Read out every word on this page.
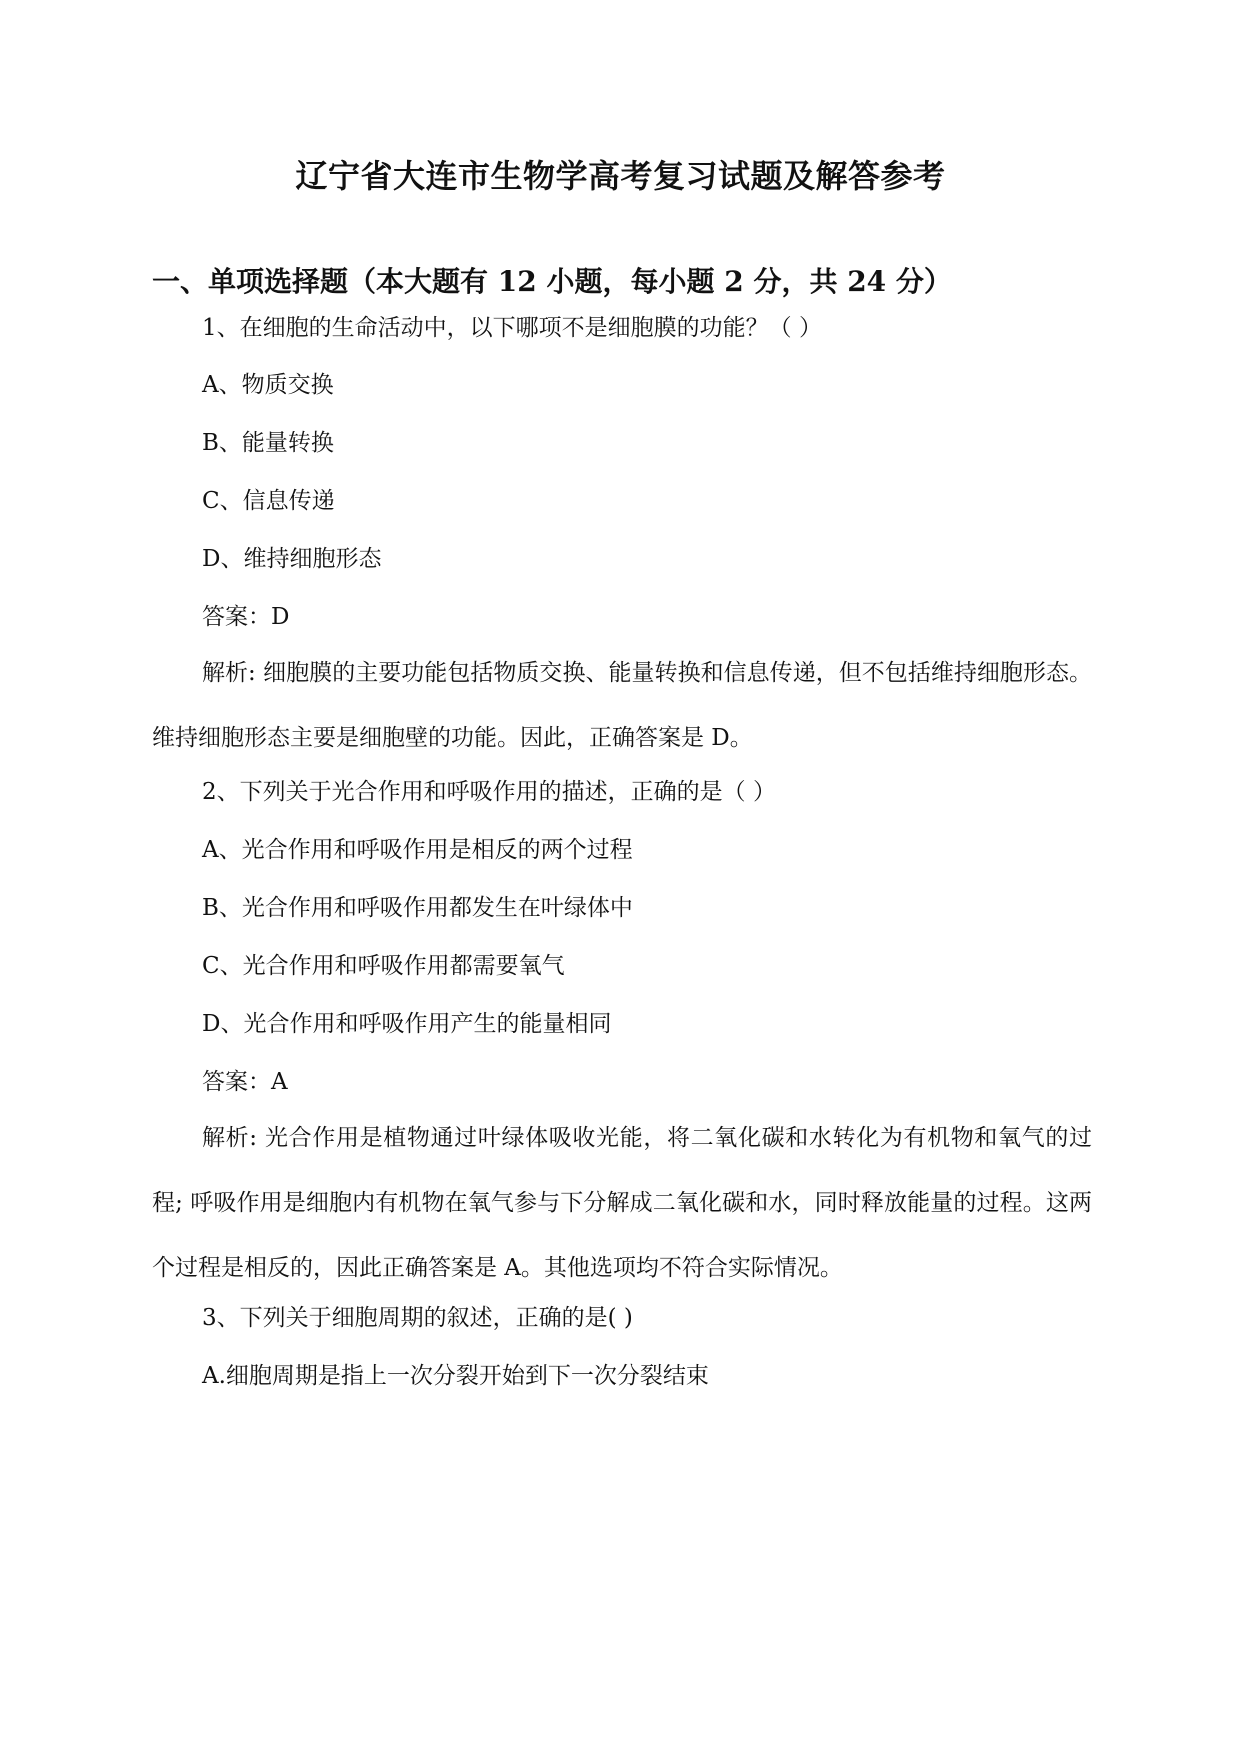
辽宁省大连市生物学高考复习试题及解答参考
一、单项选择题（本大题有 12 小题，每小题 2 分，共 24 分）
1、在细胞的生命活动中，以下哪项不是细胞膜的功能？（ ）
A、物质交换
B、能量转换
C、信息传递
D、维持细胞形态
答案：D
解析: 细胞膜的主要功能包括物质交换、能量转换和信息传递，但不包括维持细胞形态。维持细胞形态主要是细胞壁的功能。因此，正确答案是 D。
2、下列关于光合作用和呼吸作用的描述，正确的是（ ）
A、光合作用和呼吸作用是相反的两个过程
B、光合作用和呼吸作用都发生在叶绿体中
C、光合作用和呼吸作用都需要氧气
D、光合作用和呼吸作用产生的能量相同
答案：A
解析: 光合作用是植物通过叶绿体吸收光能，将二氧化碳和水转化为有机物和氧气的过程; 呼吸作用是细胞内有机物在氧气参与下分解成二氧化碳和水，同时释放能量的过程。这两个过程是相反的，因此正确答案是 A。其他选项均不符合实际情况。
3、下列关于细胞周期的叙述，正确的是( )
A.细胞周期是指上一次分裂开始到下一次分裂结束
